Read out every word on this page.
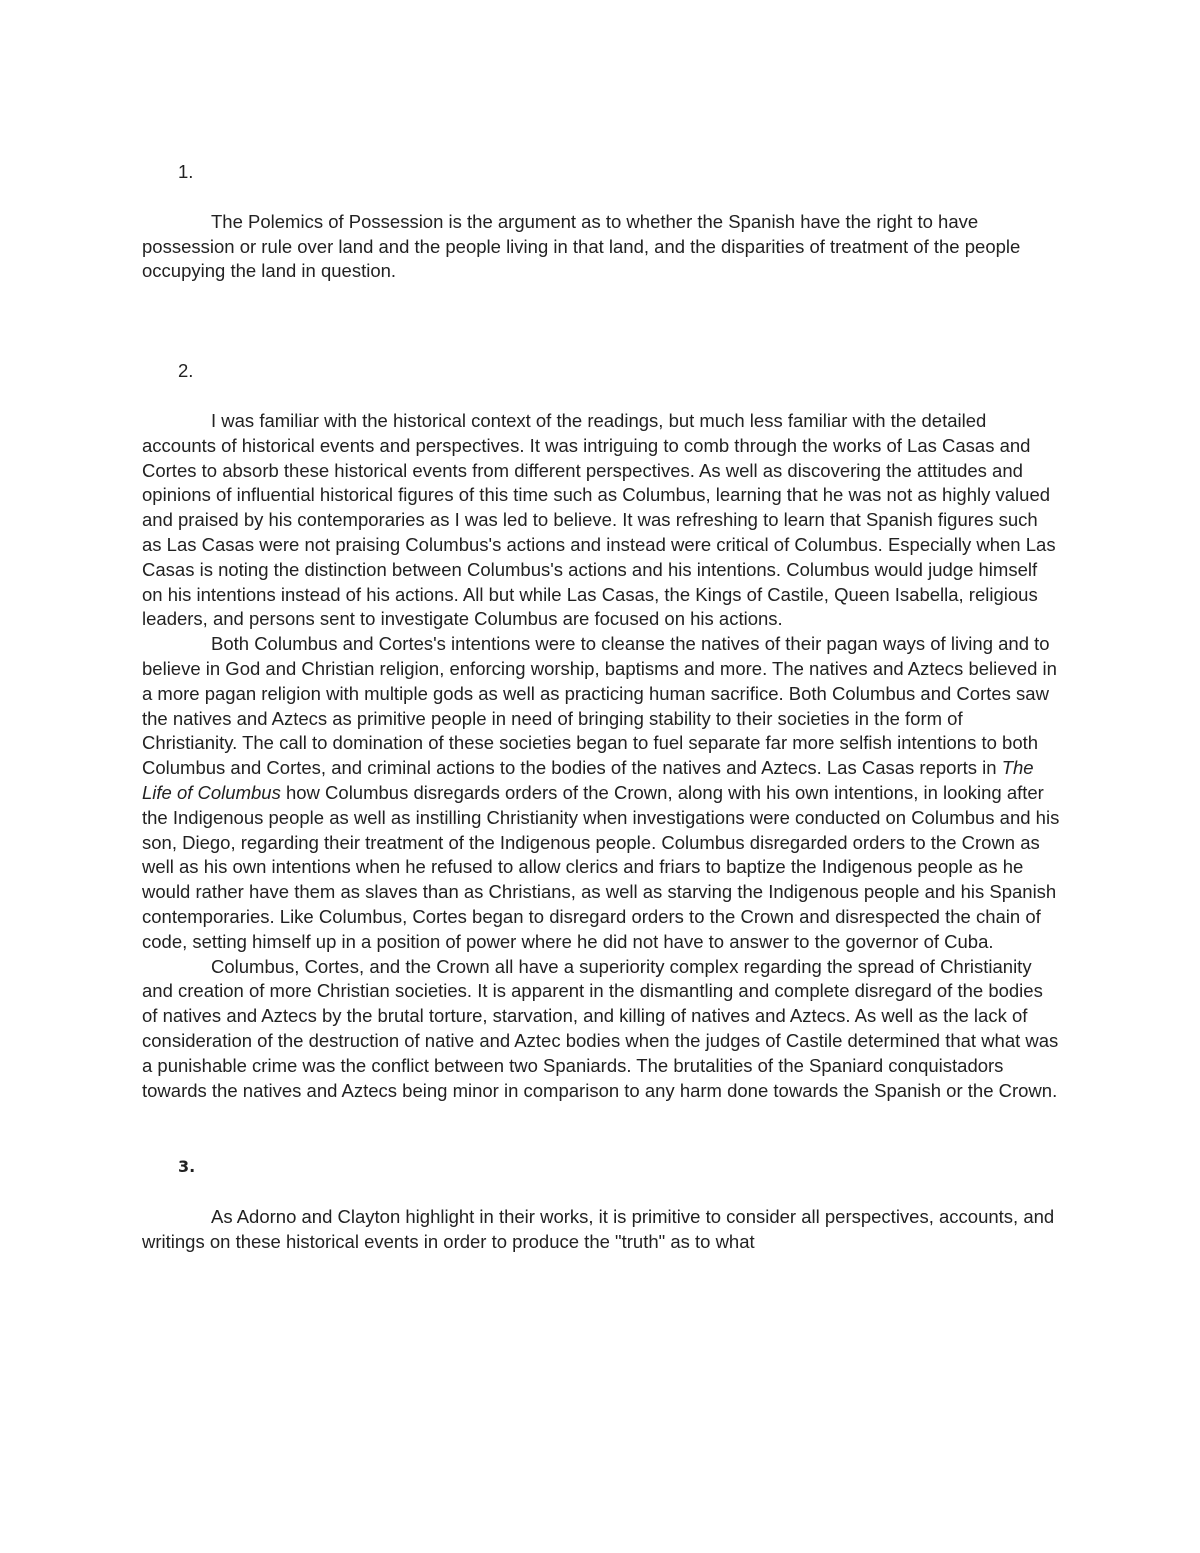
1.

The Polemics of Possession is the argument as to whether the Spanish have the right to have possession or rule over land and the people living in that land, and the disparities of treatment of the people occupying the land in question.

2.

I was familiar with the historical context of the readings, but much less familiar with the detailed accounts of historical events and perspectives. It was intriguing to comb through the works of Las Casas and Cortes to absorb these historical events from different perspectives. As well as discovering the attitudes and opinions of influential historical figures of this time such as Columbus, learning that he was not as highly valued and praised by his contemporaries as I was led to believe. It was refreshing to learn that Spanish figures such as Las Casas were not praising Columbus's actions and instead were critical of Columbus. Especially when Las Casas is noting the distinction between Columbus's actions and his intentions. Columbus would judge himself on his intentions instead of his actions. All but while Las Casas, the Kings of Castile, Queen Isabella, religious leaders, and persons sent to investigate Columbus are focused on his actions.

Both Columbus and Cortes's intentions were to cleanse the natives of their pagan ways of living and to believe in God and Christian religion, enforcing worship, baptisms and more. The natives and Aztecs believed in a more pagan religion with multiple gods as well as practicing human sacrifice. Both Columbus and Cortes saw the natives and Aztecs as primitive people in need of bringing stability to their societies in the form of Christianity. The call to domination of these societies began to fuel separate far more selfish intentions to both Columbus and Cortes, and criminal actions to the bodies of the natives and Aztecs. Las Casas reports in The Life of Columbus how Columbus disregards orders of the Crown, along with his own intentions, in looking after the Indigenous people as well as instilling Christianity when investigations were conducted on Columbus and his son, Diego, regarding their treatment of the Indigenous people. Columbus disregarded orders to the Crown as well as his own intentions when he refused to allow clerics and friars to baptize the Indigenous people as he would rather have them as slaves than as Christians, as well as starving the Indigenous people and his Spanish contemporaries. Like Columbus, Cortes began to disregard orders to the Crown and disrespected the chain of code, setting himself up in a position of power where he did not have to answer to the governor of Cuba.

Columbus, Cortes, and the Crown all have a superiority complex regarding the spread of Christianity and creation of more Christian societies. It is apparent in the dismantling and complete disregard of the bodies of natives and Aztecs by the brutal torture, starvation, and killing of natives and Aztecs. As well as the lack of consideration of the destruction of native and Aztec bodies when the judges of Castile determined that what was a punishable crime was the conflict between two Spaniards. The brutalities of the Spaniard conquistadors towards the natives and Aztecs being minor in comparison to any harm done towards the Spanish or the Crown.

3.

As Adorno and Clayton highlight in their works, it is primitive to consider all perspectives, accounts, and writings on these historical events in order to produce the "truth" as to what
